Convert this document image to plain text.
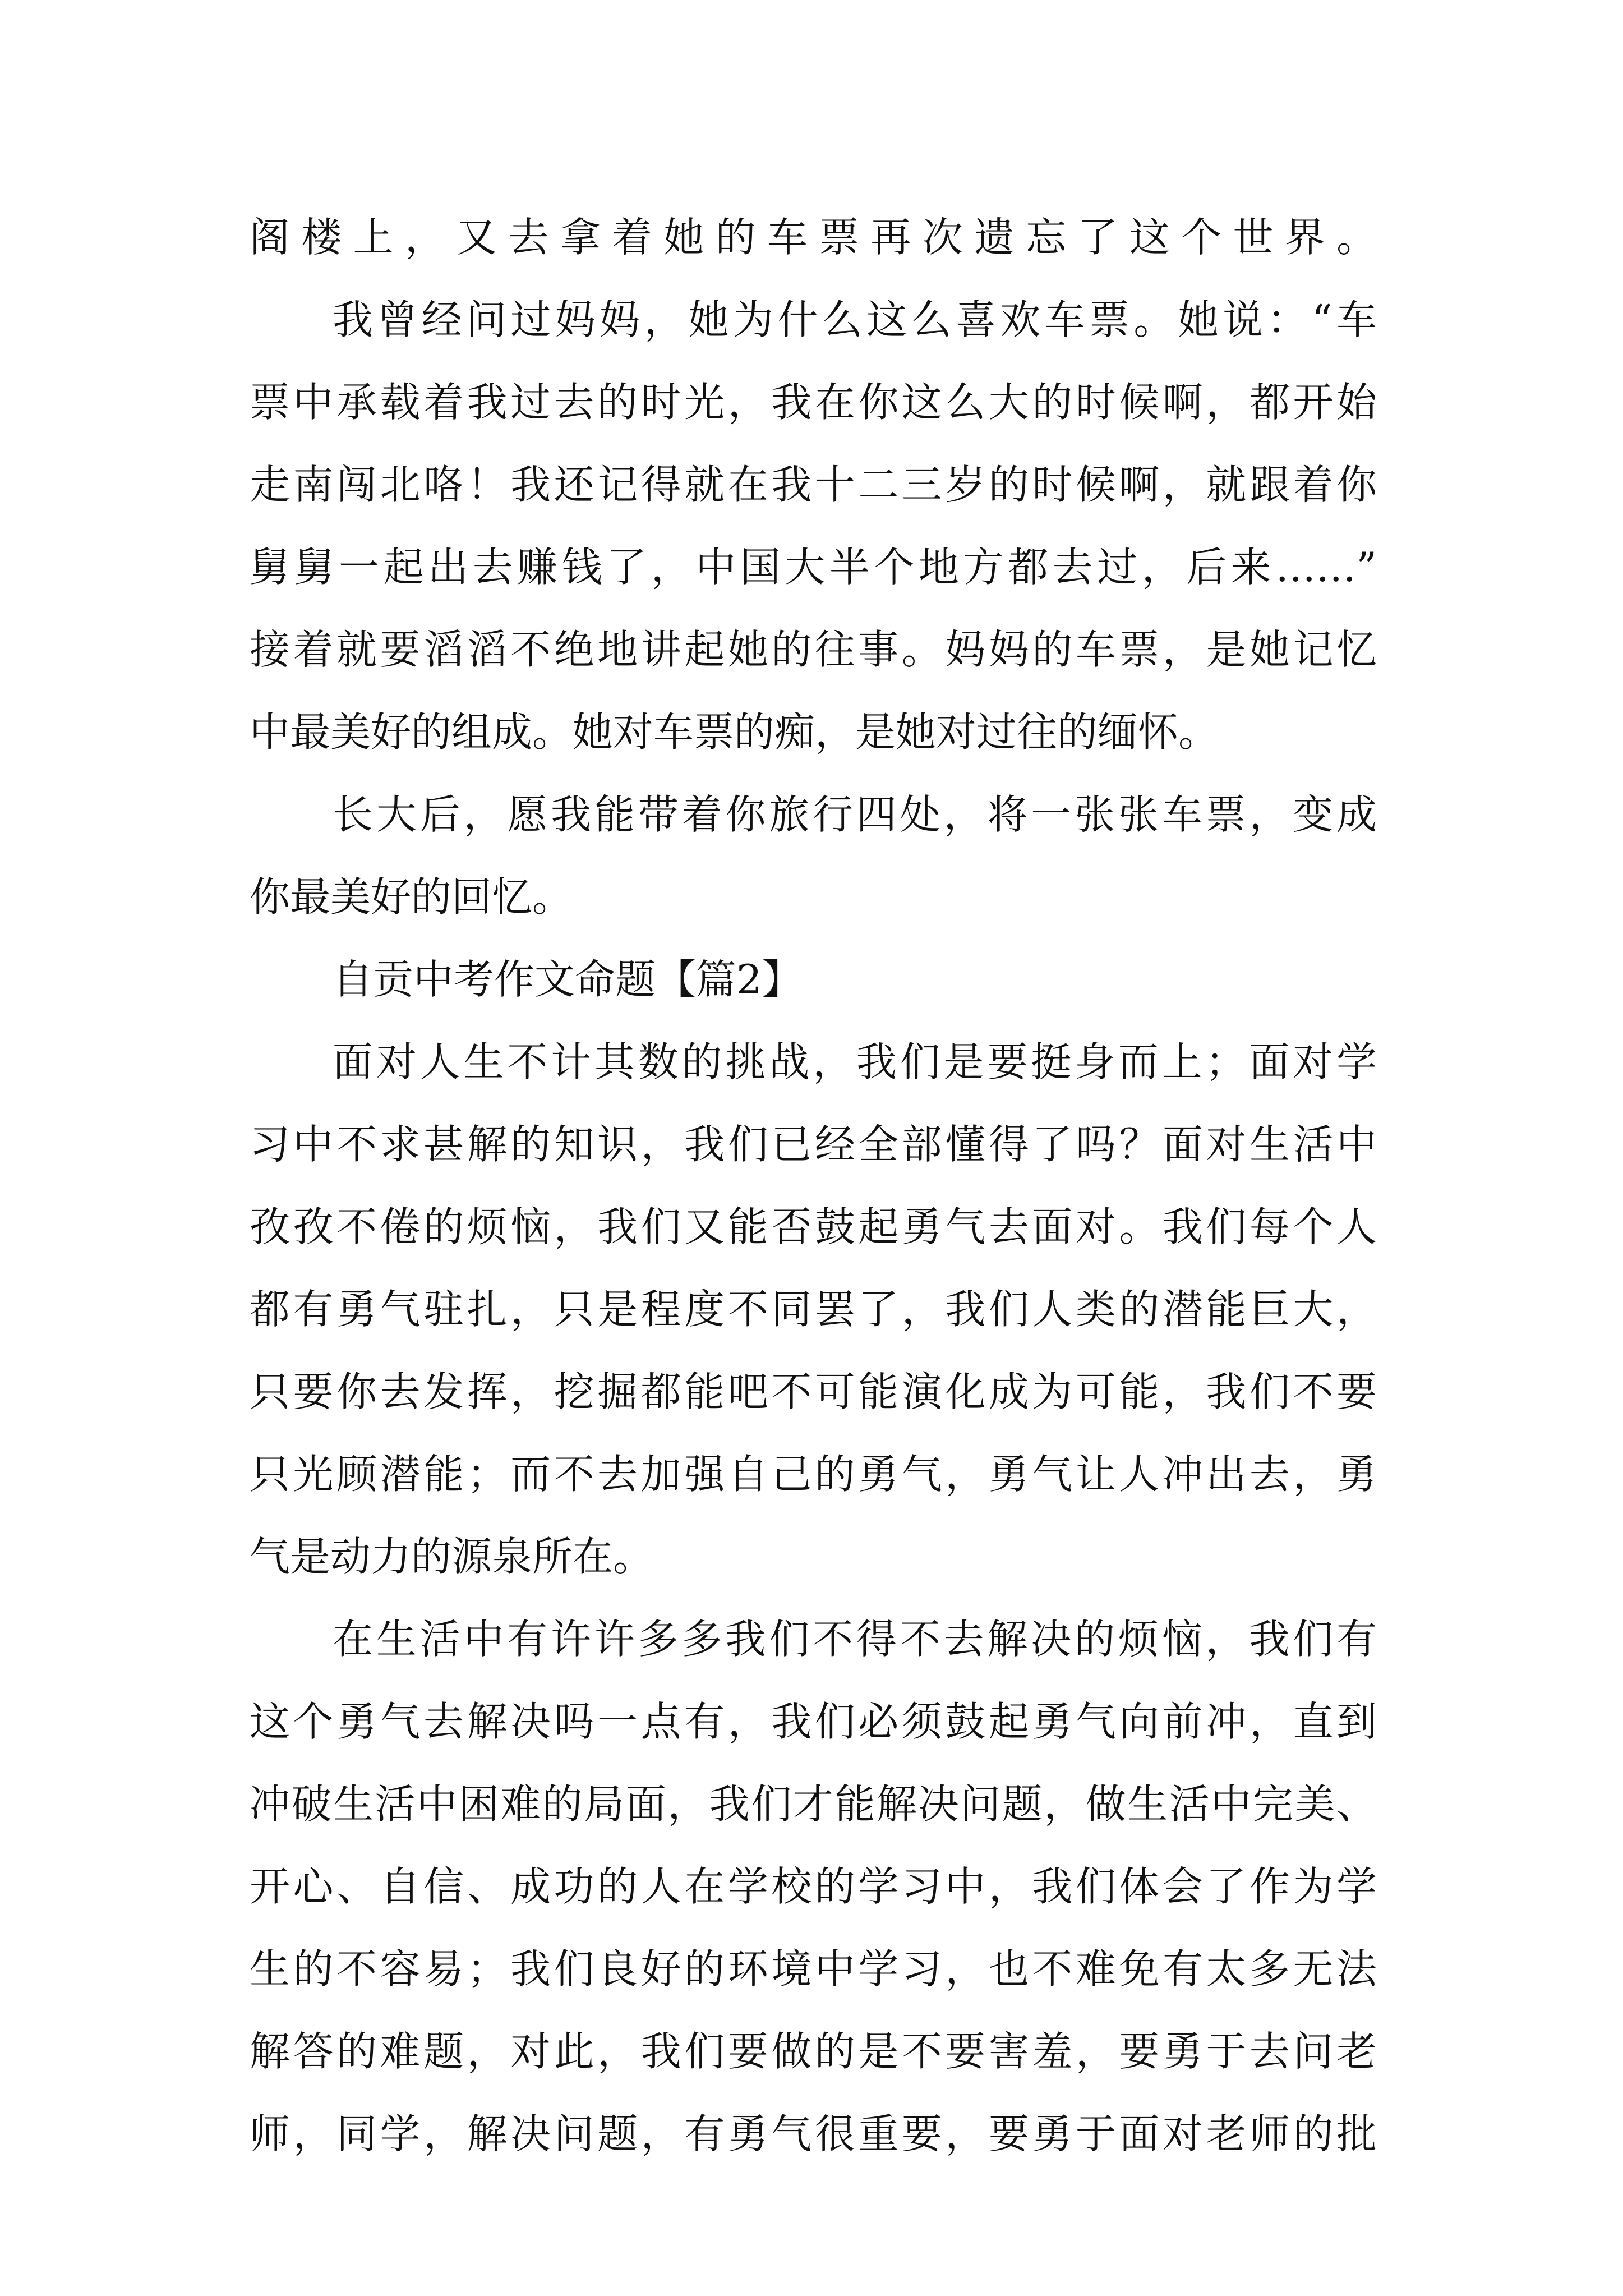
阁楼上，又去拿着她的车票再次遗忘了这个世界。
我曾经问过妈妈，她为什么这么喜欢车票。她说：“车
票中承载着我过去的时光，我在你这么大的时候啊，都开始
走南闯北咯！我还记得就在我十二三岁的时候啊，就跟着你
舅舅一起出去赚钱了，中国大半个地方都去过，后来……”
接着就要滔滔不绝地讲起她的往事。妈妈的车票，是她记忆
中最美好的组成。她对车票的痴，是她对过往的缅怀。
长大后，愿我能带着你旅行四处，将一张张车票，变成
你最美好的回忆。
自贡中考作文命题【篇2】
面对人生不计其数的挑战，我们是要挺身而上；面对学
习中不求甚解的知识，我们已经全部懂得了吗？面对生活中
孜孜不倦的烦恼，我们又能否鼓起勇气去面对。我们每个人
都有勇气驻扎，只是程度不同罢了，我们人类的潜能巨大，
只要你去发挥，挖掘都能吧不可能演化成为可能，我们不要
只光顾潜能；而不去加强自己的勇气，勇气让人冲出去，勇
气是动力的源泉所在。
在生活中有许许多多我们不得不去解决的烦恼，我们有
这个勇气去解决吗一点有，我们必须鼓起勇气向前冲，直到
冲破生活中困难的局面，我们才能解决问题，做生活中完美、
开心、自信、成功的人在学校的学习中，我们体会了作为学
生的不容易；我们良好的环境中学习，也不难免有太多无法
解答的难题，对此，我们要做的是不要害羞，要勇于去问老
师，同学，解决问题，有勇气很重要，要勇于面对老师的批
